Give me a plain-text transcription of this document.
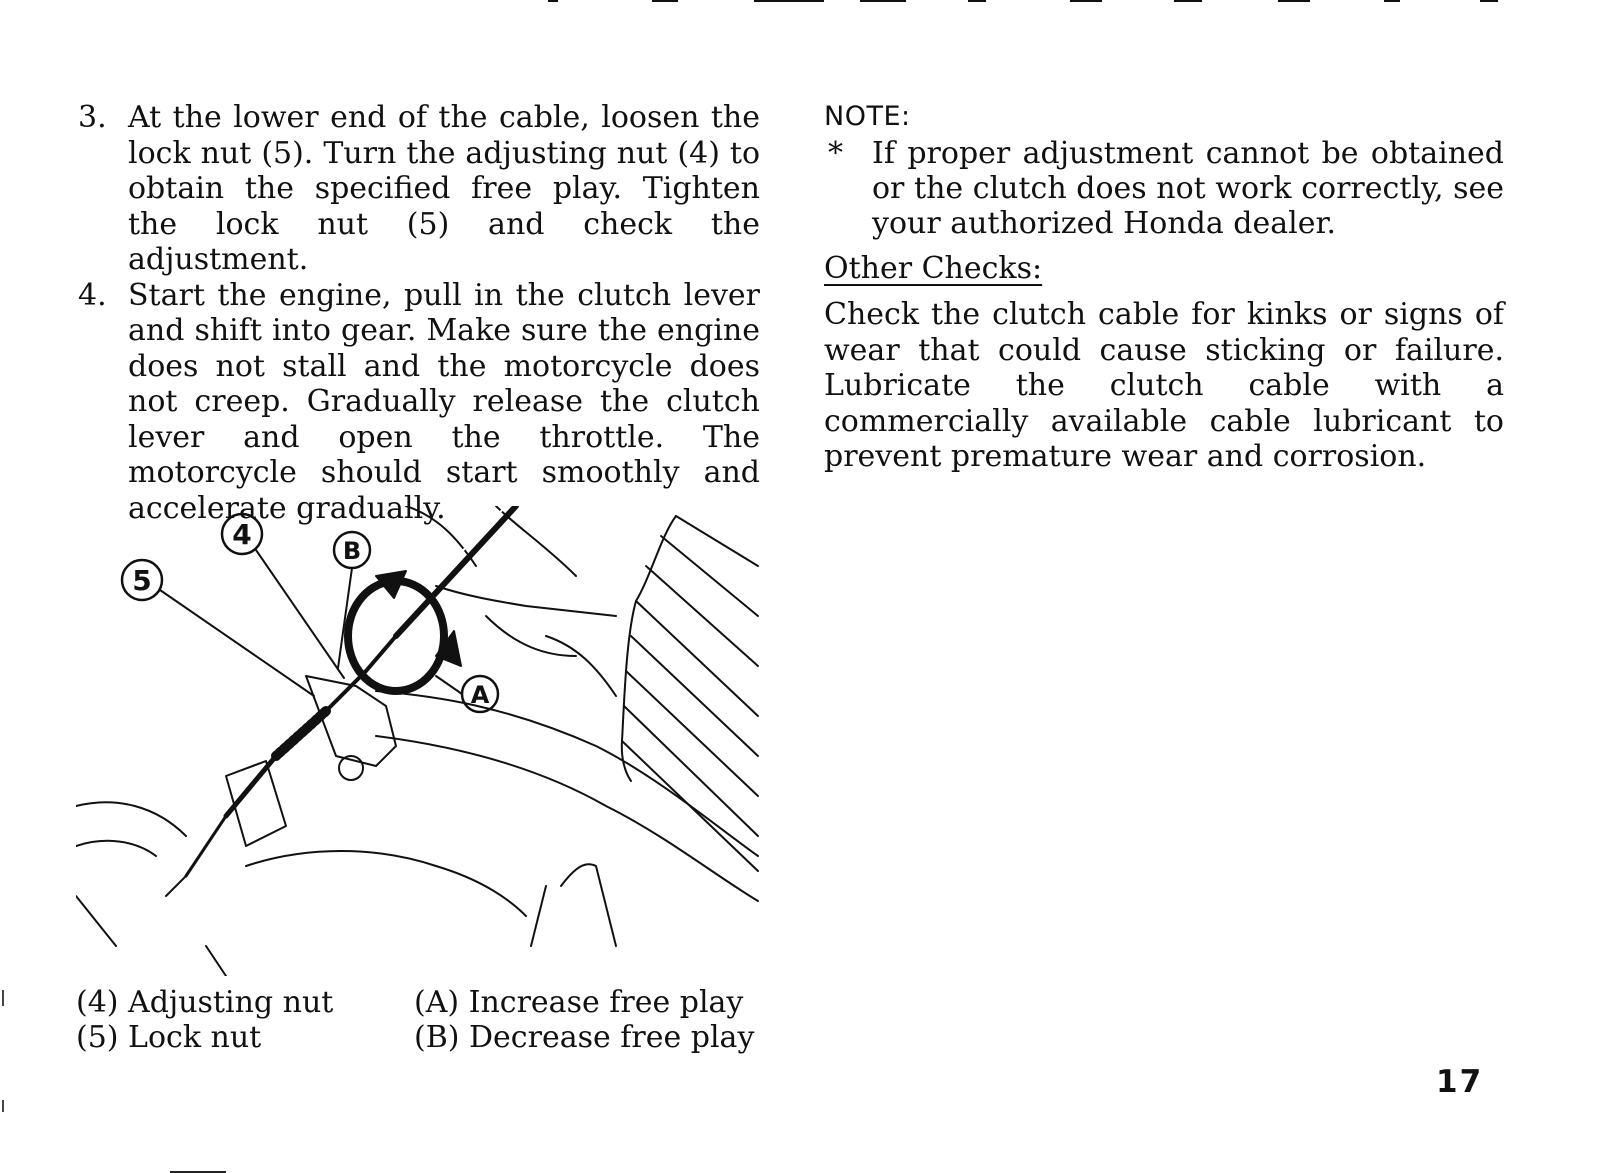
3. At the lower end of the cable, loosen the lock nut (5). Turn the adjusting nut (4) to obtain the specified free play. Tighten the lock nut (5) and check the adjustment.
4. Start the engine, pull in the clutch lever and shift into gear. Make sure the engine does not stall and the motorcycle does not creep. Gradually release the clutch lever and open the throttle. The motorcycle should start smoothly and accelerate gradually.
NOTE:
* If proper adjustment cannot be obtained or the clutch does not work correctly, see your authorized Honda dealer.
Other Checks:
Check the clutch cable for kinks or signs of wear that could cause sticking or failure. Lubricate the clutch cable with a commercially available cable lubricant to prevent premature wear and corrosion.
4
5
B
A
(4) Adjusting nut
(5) Lock nut
(A) Increase free play
(B) Decrease free play
17
